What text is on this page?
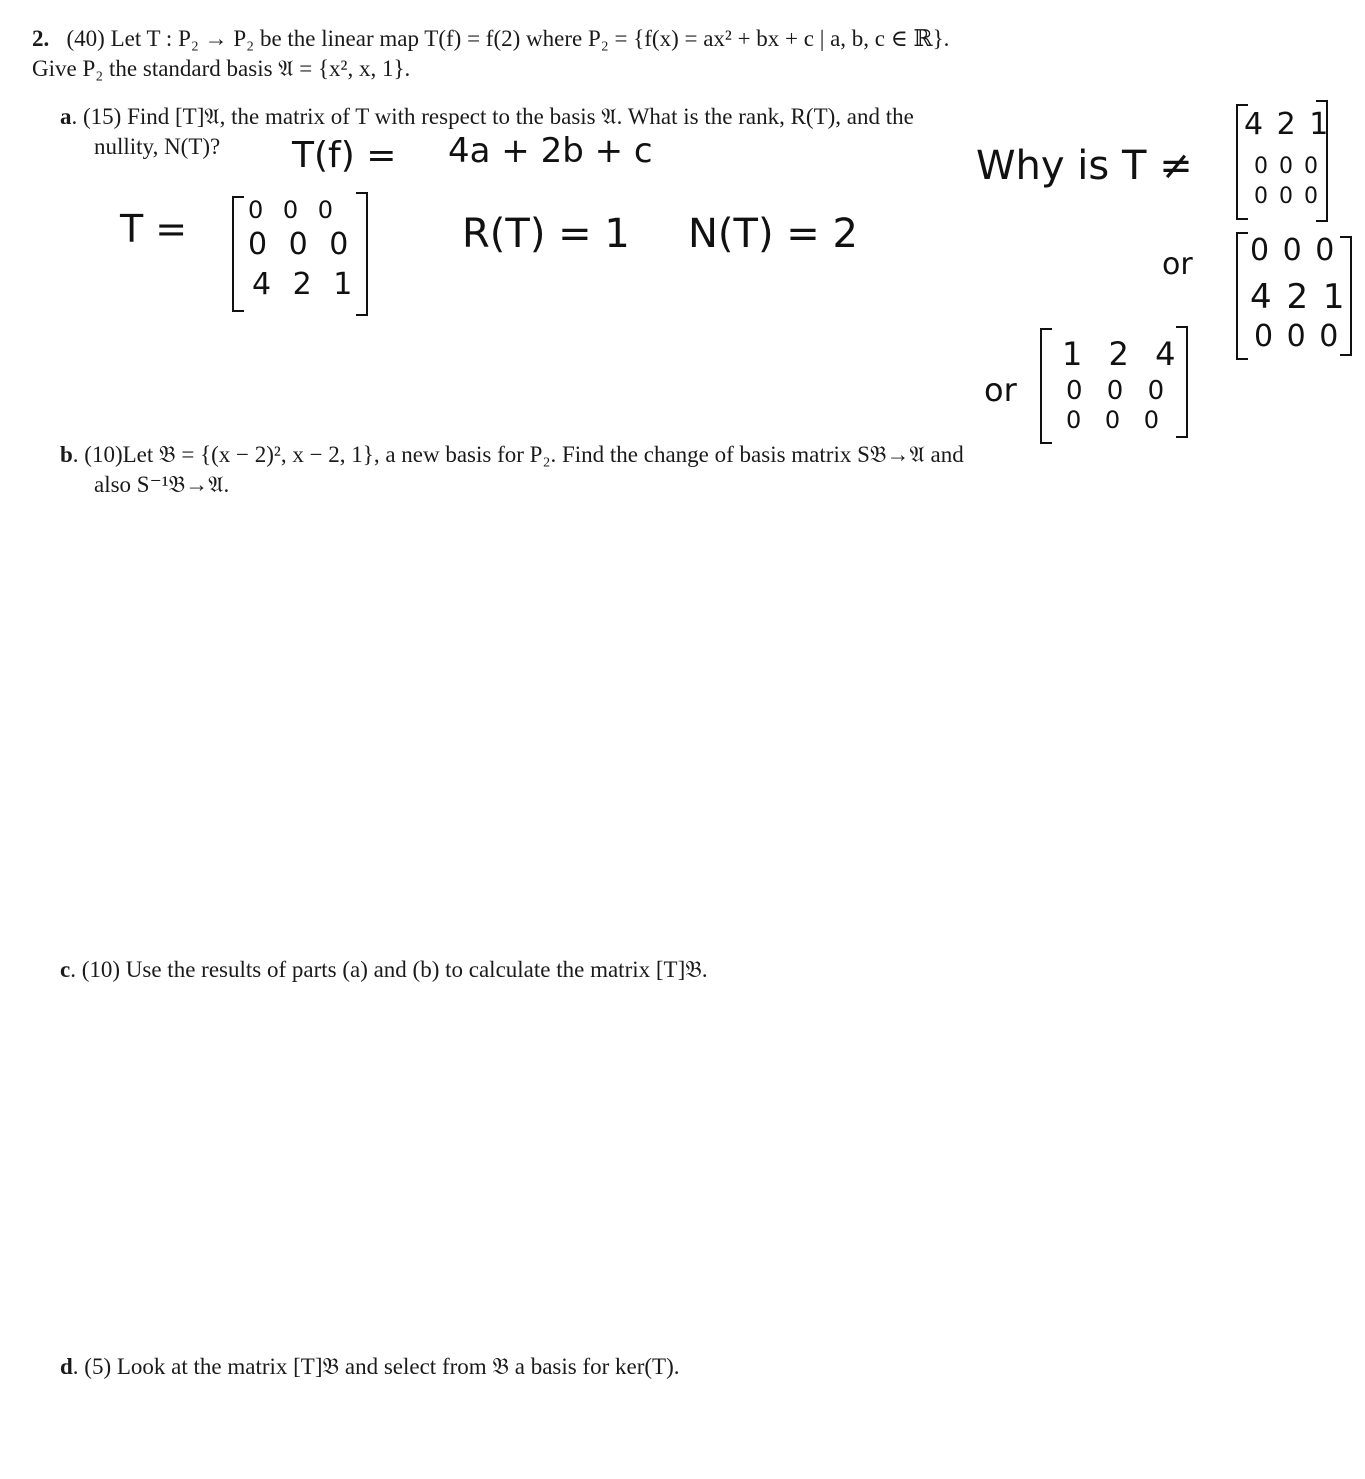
2. (40) Let T : P₂ → P₂ be the linear map T(f) = f(2) where P₂ = {f(x) = ax² + bx + c | a, b, c ∈ ℝ}.
Give P₂ the standard basis 𝔄 = {x², x, 1}.
a. (15) Find [T]𝔄, the matrix of T with respect to the basis 𝔄. What is the rank, R(T), and the
nullity, N(T)? T(f) = 4a + 2b + c
T =	0 0 0
0 0 0
4 2 1
R(T) = 1 N(T) = 2
Why is T ≠
4 2 1
0 0 0
0 0 0
or 0 0 0
4 2 1
0 0 0
or
1 2 4
0 0 0
0 0 0
b. (10)Let 𝔅 = {(x − 2)², x − 2, 1}, a new basis for P₂. Find the change of basis matrix S𝔅→𝔄 and
also S⁻¹𝔅→𝔄.
c. (10) Use the results of parts (a) and (b) to calculate the matrix [T]𝔅.
d. (5) Look at the matrix [T]𝔅 and select from 𝔅 a basis for ker(T).
